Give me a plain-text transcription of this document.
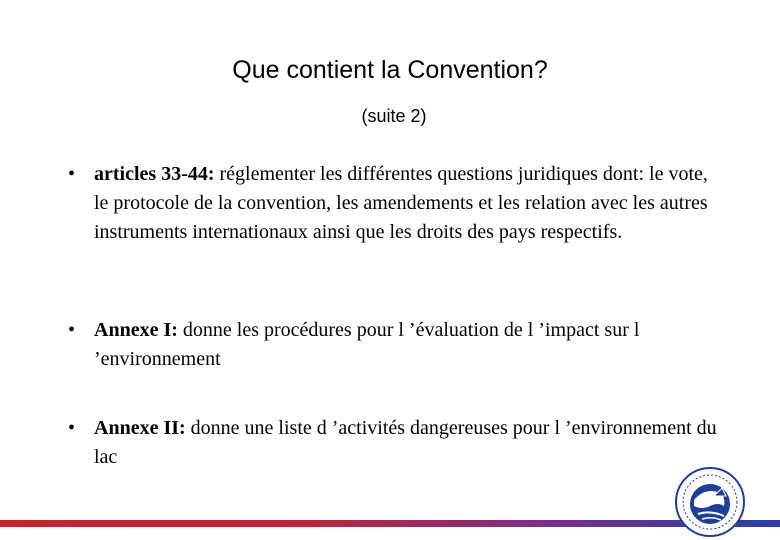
Que contient la Convention?
(suite 2)
• articles 33-44: réglementer les différentes questions juridiques dont: le vote, le protocole de la convention, les amendements et les relation avec les autres instruments internationaux ainsi que les droits des pays respectifs.
• Annexe I: donne les procédures pour l ’évaluation de l ’impact sur l ’environnement
• Annexe II: donne une liste d ’activités dangereuses pour l ’environnement du lac
